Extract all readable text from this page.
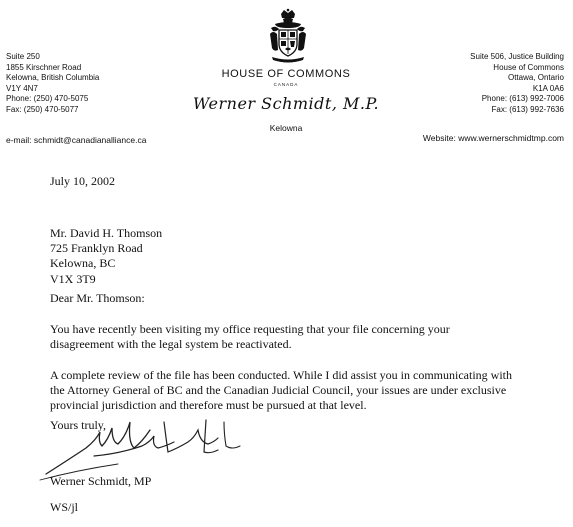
Suite 250
1855 Kirschner Road
Kelowna, British Columbia
V1Y 4N7
Phone: (250) 470-5075
Fax: (250) 470-5077
e-mail: schmidt@canadianalliance.ca
HOUSE OF COMMONS
CANADA
Werner Schmidt, M.P.
Kelowna
Suite 506, Justice Building
House of Commons
Ottawa, Ontario
K1A 0A6
Phone: (613) 992-7006
Fax: (613) 992-7636
Website: www.wernerschmidtmp.com
July 10, 2002
Mr. David H. Thomson
725 Franklyn Road
Kelowna, BC
V1X 3T9
Dear Mr. Thomson:
You have recently been visiting my office requesting that your file concerning your
disagreement with the legal system be reactivated.
A complete review of the file has been conducted. While I did assist you in communicating with
the Attorney General of BC and the Canadian Judicial Council, your issues are under exclusive
provincial jurisdiction and therefore must be pursued at that level.
Yours truly,
Werner Schmidt, MP
WS/jl
